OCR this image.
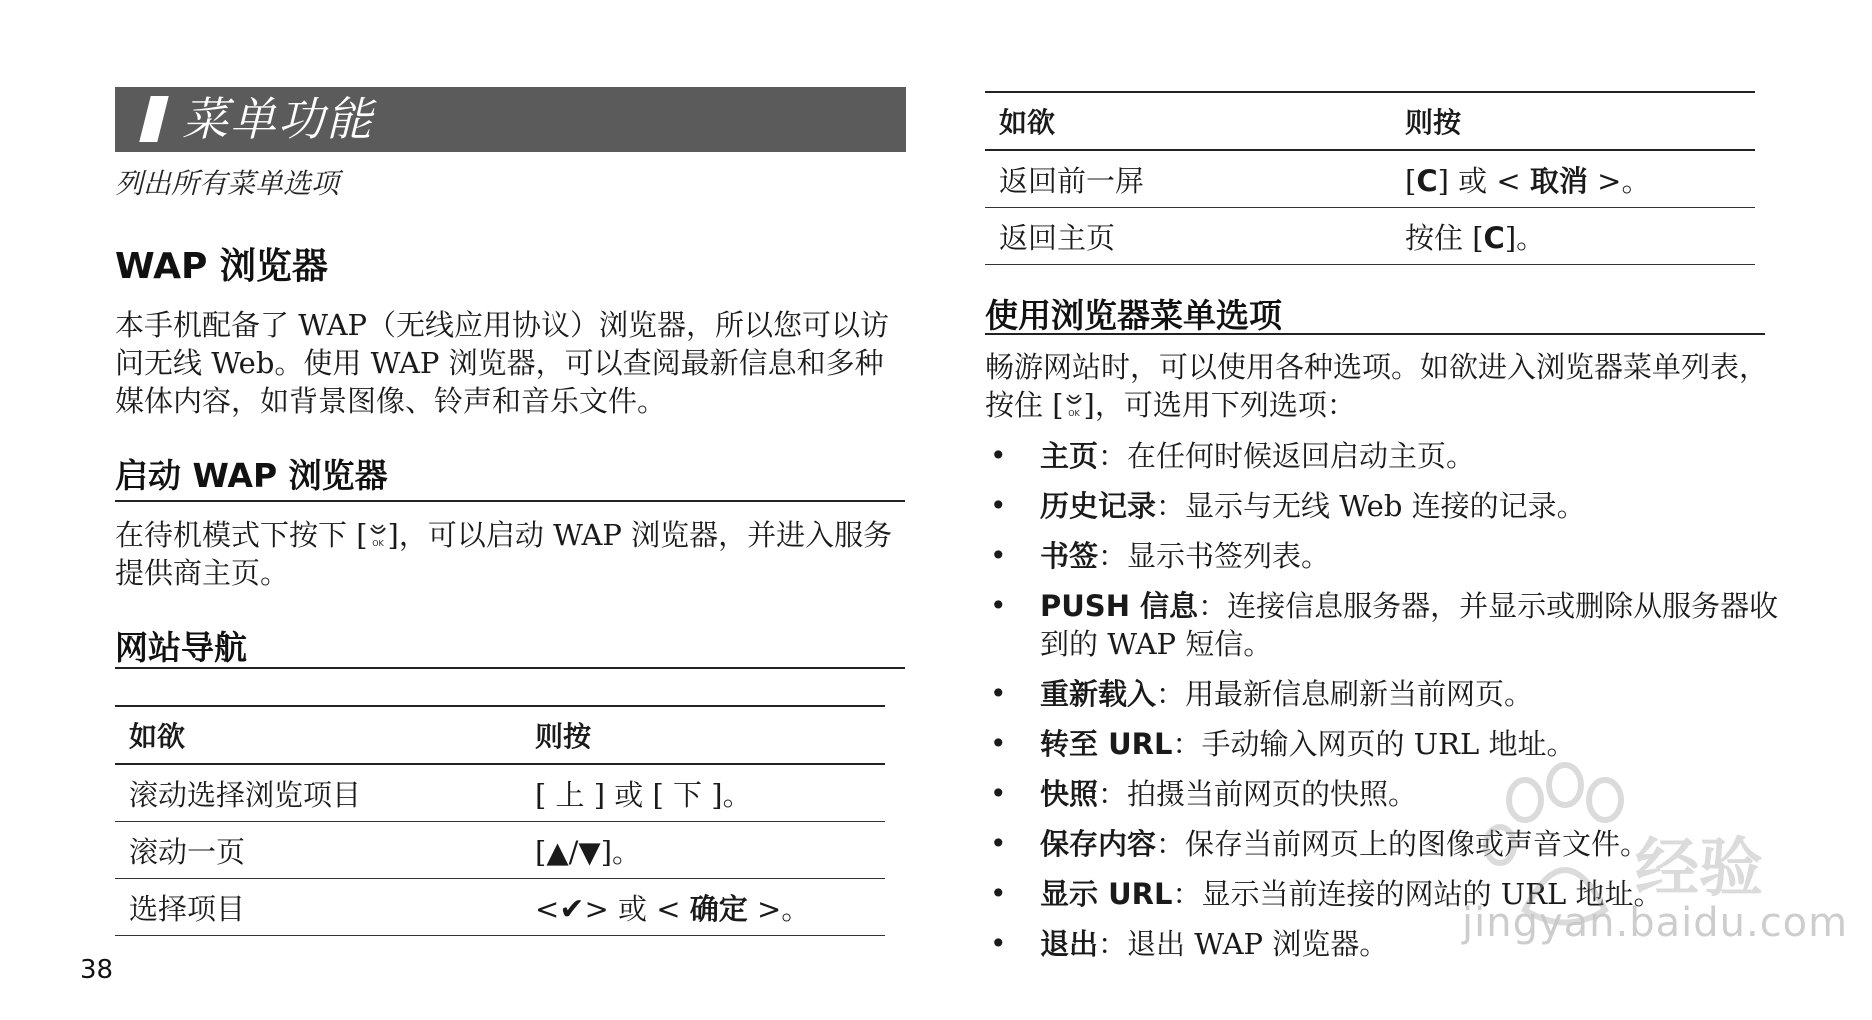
菜单功能
列出所有菜单选项
WAP 浏览器
本手机配备了 WAP（无线应用协议）浏览器，所以您可以访问无线 Web。使用 WAP 浏览器，可以查阅最新信息和多种媒体内容，如背景图像、铃声和音乐文件。
启动 WAP 浏览器
在待机模式下按下 [ OK ]，可以启动 WAP 浏览器，并进入服务提供商主页。
网站导航
如欲	则按
滚动选择浏览项目	[ 上 ] 或 [ 下 ]。
滚动一页	[▲/▼]。
选择项目	<✔> 或 < 确定 >。
38
如欲	则按
返回前一屏	[C] 或 < 取消 >。
返回主页	按住 [C]。
使用浏览器菜单选项
畅游网站时，可以使用各种选项。如欲进入浏览器菜单列表，按住 [ OK ]，可选用下列选项：
• 主页：在任何时候返回启动主页。
• 历史记录：显示与无线 Web 连接的记录。
• 书签：显示书签列表。
• PUSH 信息：连接信息服务器，并显示或删除从服务器收到的 WAP 短信。
• 重新载入：用最新信息刷新当前网页。
• 转至 URL：手动输入网页的 URL 地址。
• 快照：拍摄当前网页的快照。
• 保存内容：保存当前网页上的图像或声音文件。
• 显示 URL：显示当前连接的网站的 URL 地址。
• 退出：退出 WAP 浏览器。
经验
jingyan.baidu.com
